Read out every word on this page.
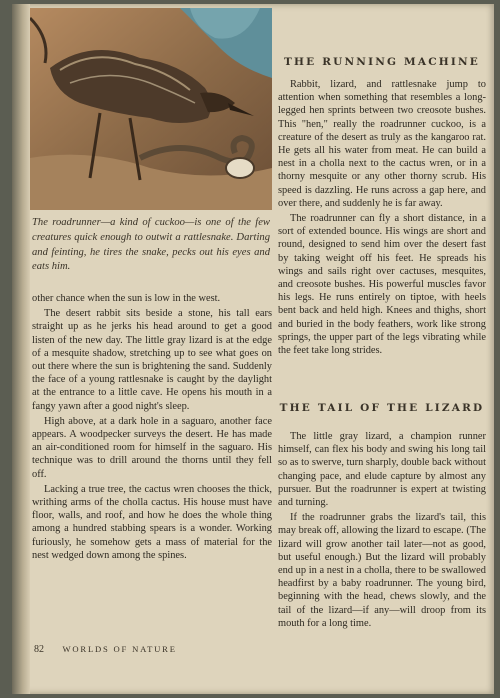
The roadrunner—a kind of cuckoo—is one of the few creatures quick enough to outwit a rattlesnake. Darting and feinting, he tires the snake, pecks out his eyes and eats him.

other chance when the sun is low in the west.

The desert rabbit sits beside a stone, his tall ears straight up as he jerks his head around to get a good listen of the new day. The little gray lizard is at the edge of a mesquite shadow, stretching up to see what goes on out there where the sun is brightening the sand. Suddenly the face of a young rattlesnake is caught by the daylight at the entrance to a little cave. He opens his mouth in a fangy yawn after a good night's sleep.

High above, at a dark hole in a saguaro, another face appears. A woodpecker surveys the desert. He has made an air-conditioned room for himself in the saguaro. His technique was to drill around the thorns until they fell off.

Lacking a true tree, the cactus wren chooses the thick, writhing arms of the cholla cactus. His house must have floor, walls, and roof, and how he does the whole thing among a hundred stabbing spears is a wonder. Working furiously, he somehow gets a mass of material for the nest wedged down among the spines.

THE RUNNING MACHINE

Rabbit, lizard, and rattlesnake jump to attention when something that resembles a long-legged hen sprints between two creosote bushes. This "hen," really the roadrunner cuckoo, is a creature of the desert as truly as the kangaroo rat. He gets all his water from meat. He can build a nest in a cholla next to the cactus wren, or in a thorny mesquite or any other thorny scrub. His speed is dazzling. He runs across a gap here, and over there, and suddenly he is far away.

The roadrunner can fly a short distance, in a sort of extended bounce. His wings are short and round, designed to send him over the desert fast by taking weight off his feet. He spreads his wings and sails right over cactuses, mesquites, and creosote bushes. His powerful muscles favor his legs. He runs entirely on tiptoe, with heels bent back and held high. Knees and thighs, short and buried in the body feathers, work like strong springs, the upper part of the legs vibrating while the feet take long strides.

THE TAIL OF THE LIZARD

The little gray lizard, a champion runner himself, can flex his body and swing his long tail so as to swerve, turn sharply, double back without changing pace, and elude capture by almost any pursuer. But the roadrunner is expert at twisting and turning.

If the roadrunner grabs the lizard's tail, this may break off, allowing the lizard to escape. (The lizard will grow another tail later—not as good, but useful enough.) But the lizard will probably end up in a nest in a cholla, there to be swallowed headfirst by a baby roadrunner. The young bird, beginning with the head, chews slowly, and the tail of the lizard—if any—will droop from its mouth for a long time.

82 WORLDS OF NATURE
